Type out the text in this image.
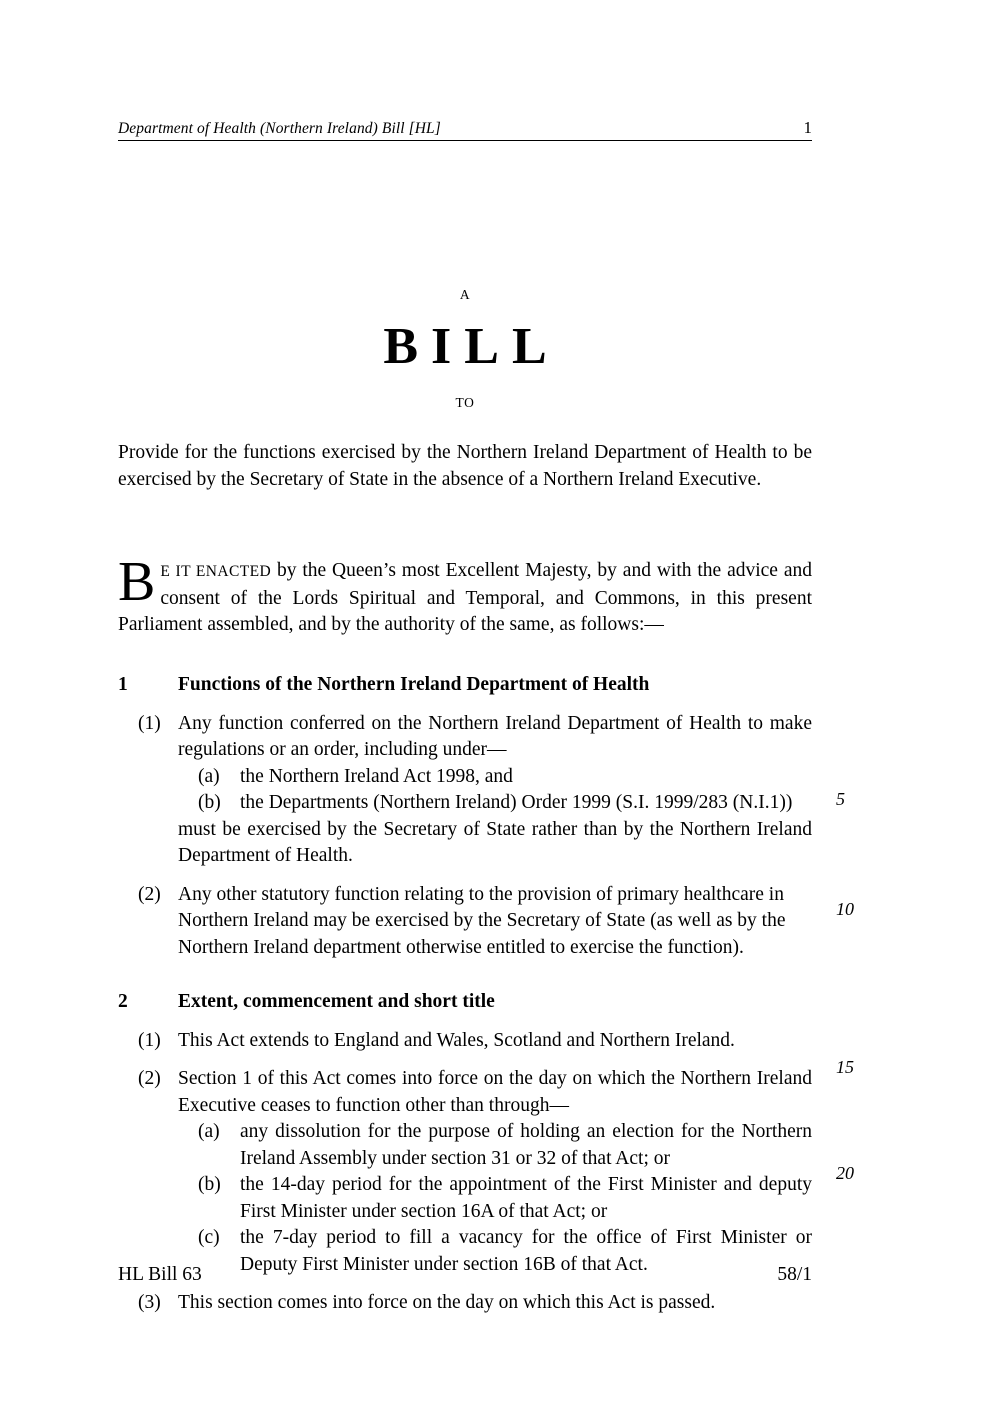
Department of Health (Northern Ireland) Bill [HL]	1
A
BILL
TO
Provide for the functions exercised by the Northern Ireland Department of Health to be exercised by the Secretary of State in the absence of a Northern Ireland Executive.
B E IT ENACTED by the Queen’s most Excellent Majesty, by and with the advice and consent of the Lords Spiritual and Temporal, and Commons, in this present Parliament assembled, and by the authority of the same, as follows:—
1	Functions of the Northern Ireland Department of Health
(1) Any function conferred on the Northern Ireland Department of Health to make regulations or an order, including under—
(a)	the Northern Ireland Act 1998, and
(b) the Departments (Northern Ireland) Order 1999 (S.I. 1999/283 (N.I.1))
must be exercised by the Secretary of State rather than by the Northern Ireland Department of Health.
(2) Any other statutory function relating to the provision of primary healthcare in Northern Ireland may be exercised by the Secretary of State (as well as by the Northern Ireland department otherwise entitled to exercise the function).
2	Extent, commencement and short title
(1) This Act extends to England and Wales, Scotland and Northern Ireland.
(2) Section 1 of this Act comes into force on the day on which the Northern Ireland Executive ceases to function other than through—
(a)	any dissolution for the purpose of holding an election for the Northern Ireland Assembly under section 31 or 32 of that Act; or
(b) the 14-day period for the appointment of the First Minister and deputy First Minister under section 16A of that Act; or
(c)	the 7-day period to fill a vacancy for the office of First Minister or Deputy First Minister under section 16B of that Act.
(3) This section comes into force on the day on which this Act is passed.
5
10
15
20
HL Bill 63	58/1
